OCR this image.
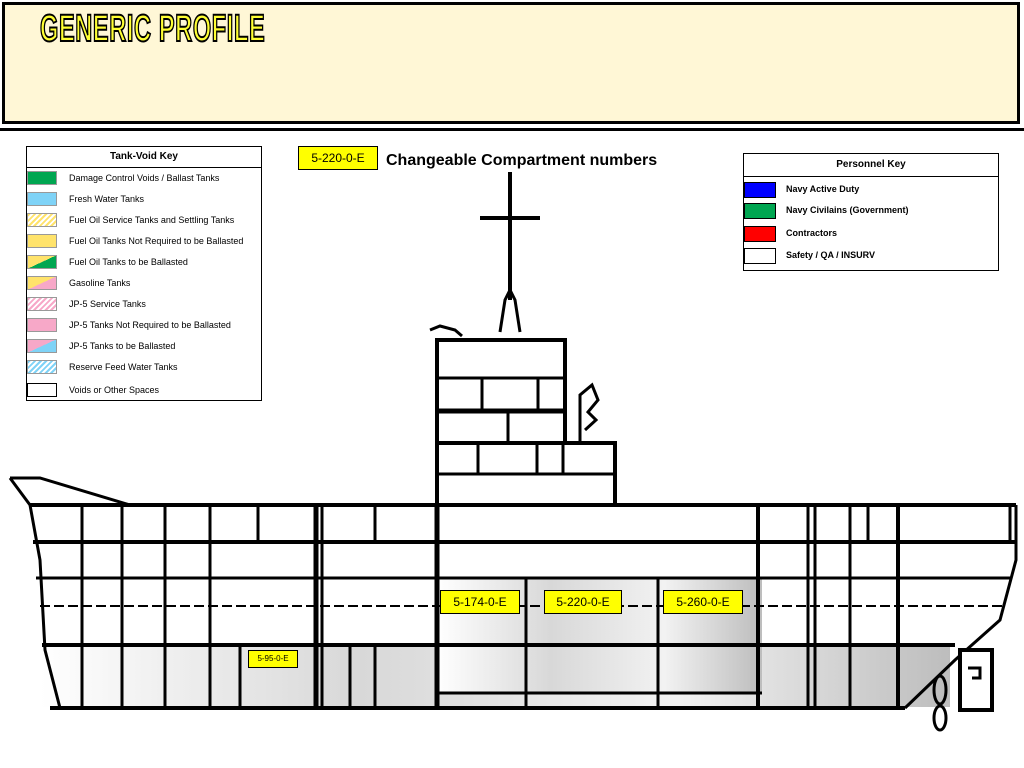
GENERIC PROFILE
Tank-Void Key
Damage Control Voids / Ballast Tanks
Fresh Water Tanks
Fuel Oil Service Tanks and Settling Tanks
Fuel Oil Tanks Not Required to be Ballasted
Fuel Oil Tanks to be Ballasted
Gasoline Tanks
JP-5 Service Tanks
JP-5 Tanks Not Required to be Ballasted
JP-5 Tanks to be Ballasted
Reserve Feed Water Tanks
Voids or Other Spaces
5-220-0-E	Changeable Compartment numbers	Personnel Key
Navy Active Duty
Navy Civilains (Government)
Contractors
Safety / QA / INSURV
5-174-0-E	5-220-0-E	5-260-0-E
5-95-0-E
